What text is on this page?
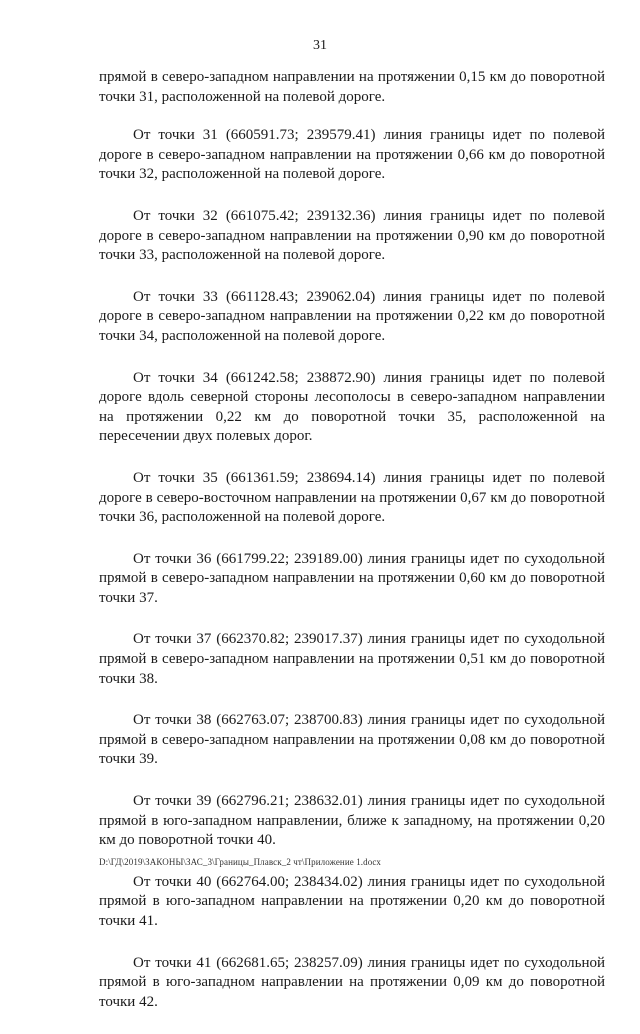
31

прямой в северо-западном направлении на протяжении 0,15 км до поворотной точки 31, расположенной на полевой дороге.

От точки 31 (660591.73; 239579.41) линия границы идет по полевой дороге в северо-западном направлении на протяжении 0,66 км до поворотной точки 32, расположенной на полевой дороге.

От точки 32 (661075.42; 239132.36) линия границы идет по полевой дороге в северо-западном направлении на протяжении 0,90 км до поворотной точки 33, расположенной на полевой дороге.

От точки 33 (661128.43; 239062.04) линия границы идет по полевой дороге в северо-западном направлении на протяжении 0,22 км до поворотной точки 34, расположенной на полевой дороге.

От точки 34 (661242.58; 238872.90) линия границы идет по полевой дороге вдоль северной стороны лесополосы в северо-западном направлении на протяжении 0,22 км до поворотной точки 35, расположенной на пересечении двух полевых дорог.

От точки 35 (661361.59; 238694.14) линия границы идет по полевой дороге в северо-восточном направлении на протяжении 0,67 км до поворотной точки 36, расположенной на полевой дороге.

От точки 36 (661799.22; 239189.00) линия границы идет по суходольной прямой в северо-западном направлении на протяжении 0,60 км до поворотной точки 37.

От точки 37 (662370.82; 239017.37) линия границы идет по суходольной прямой в северо-западном направлении на протяжении 0,51 км до поворотной точки 38.

От точки 38 (662763.07; 238700.83) линия границы идет по суходольной прямой в северо-западном направлении на протяжении 0,08 км до поворотной точки 39.

От точки 39 (662796.21; 238632.01) линия границы идет по суходольной прямой в юго-западном направлении, ближе к западному, на протяжении 0,20 км до поворотной точки 40.

От точки 40 (662764.00; 238434.02) линия границы идет по суходольной прямой в юго-западном направлении на протяжении 0,20 км до поворотной точки 41.

От точки 41 (662681.65; 238257.09) линия границы идет по суходольной прямой в юго-западном направлении на протяжении 0,09 км до поворотной точки 42.

D:\ГД\2019\ЗАКОНЫ\ЗАС_3\Границы_Плавск_2 чт\Приложение 1.docx
